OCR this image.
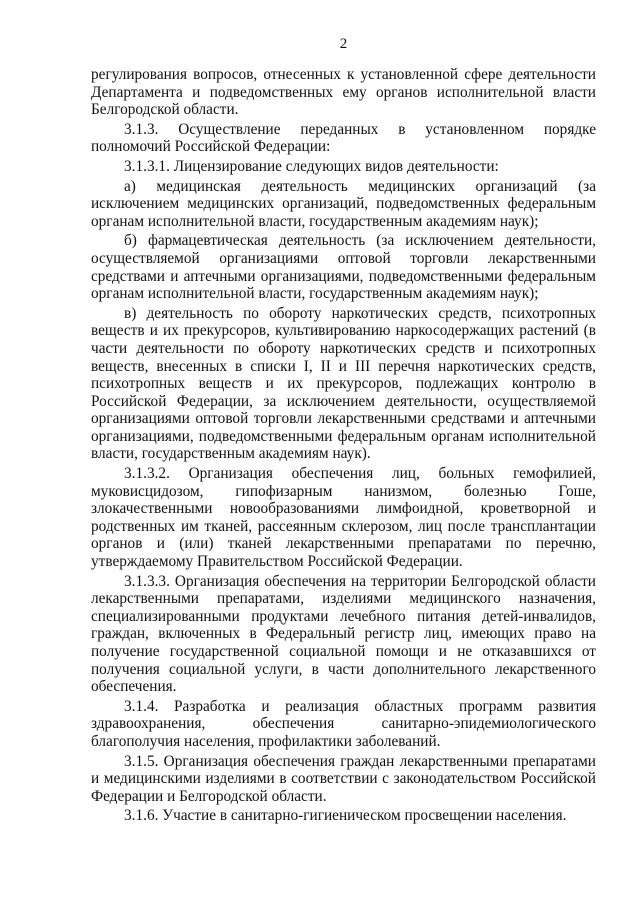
2

регулирования вопросов, отнесенных к установленной сфере деятельности Департамента и подведомственных ему органов исполнительной власти Белгородской области.

3.1.3. Осуществление переданных в установленном порядке полномочий Российской Федерации:

3.1.3.1. Лицензирование следующих видов деятельности:

а) медицинская деятельность медицинских организаций (за исключением медицинских организаций, подведомственных федеральным органам исполнительной власти, государственным академиям наук);

б) фармацевтическая деятельность (за исключением деятельности, осуществляемой организациями оптовой торговли лекарственными средствами и аптечными организациями, подведомственными федеральным органам исполнительной власти, государственным академиям наук);

в) деятельность по обороту наркотических средств, психотропных веществ и их прекурсоров, культивированию наркосодержащих растений (в части деятельности по обороту наркотических средств и психотропных веществ, внесенных в списки I, II и III перечня наркотических средств, психотропных веществ и их прекурсоров, подлежащих контролю в Российской Федерации, за исключением деятельности, осуществляемой организациями оптовой торговли лекарственными средствами и аптечными организациями, подведомственными федеральным органам исполнительной власти, государственным академиям наук).

3.1.3.2. Организация обеспечения лиц, больных гемофилией, муковисцидозом, гипофизарным нанизмом, болезнью Гоше, злокачественными новообразованиями лимфоидной, кроветворной и родственных им тканей, рассеянным склерозом, лиц после трансплантации органов и (или) тканей лекарственными препаратами по перечню, утверждаемому Правительством Российской Федерации.

3.1.3.3. Организация обеспечения на территории Белгородской области лекарственными препаратами, изделиями медицинского назначения, специализированными продуктами лечебного питания детей-инвалидов, граждан, включенных в Федеральный регистр лиц, имеющих право на получение государственной социальной помощи и не отказавшихся от получения социальной услуги, в части дополнительного лекарственного обеспечения.

3.1.4. Разработка и реализация областных программ развития здравоохранения, обеспечения санитарно-эпидемиологического благополучия населения, профилактики заболеваний.

3.1.5. Организация обеспечения граждан лекарственными препаратами и медицинскими изделиями в соответствии с законодательством Российской Федерации и Белгородской области.

3.1.6. Участие в санитарно-гигиеническом просвещении населения.
